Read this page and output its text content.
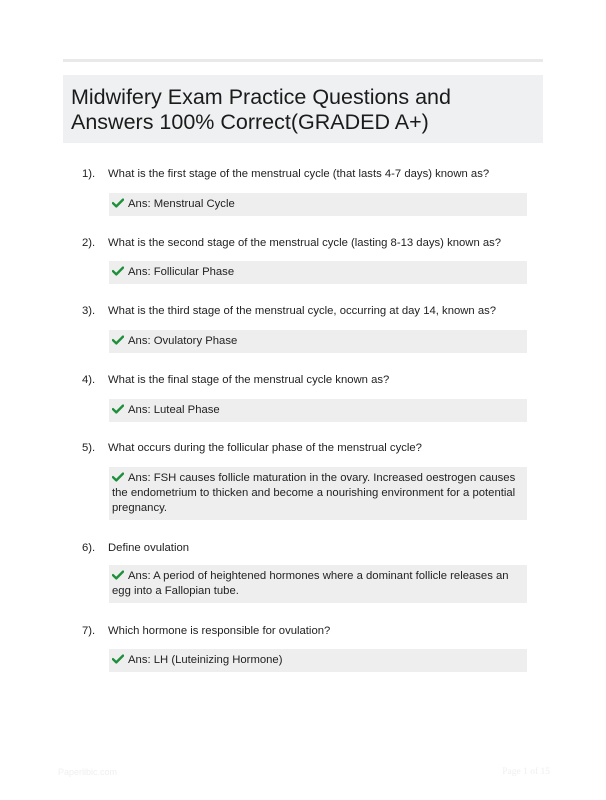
Midwifery Exam Practice Questions and Answers 100% Correct(GRADED A+)
1). What is the first stage of the menstrual cycle (that lasts 4-7 days) known as?
Ans: Menstrual Cycle
2). What is the second stage of the menstrual cycle (lasting 8-13 days) known as?
Ans: Follicular Phase
3). What is the third stage of the menstrual cycle, occurring at day 14, known as?
Ans: Ovulatory Phase
4). What is the final stage of the menstrual cycle known as?
Ans: Luteal Phase
5). What occurs during the follicular phase of the menstrual cycle?
Ans: FSH causes follicle maturation in the ovary. Increased oestrogen causes the endometrium to thicken and become a nourishing environment for a potential pregnancy.
6). Define ovulation
Ans: A period of heightened hormones where a dominant follicle releases an egg into a Fallopian tube.
7). Which hormone is responsible for ovulation?
Ans: LH (Luteinizing Hormone)
Paperlibic.com	Page 1 of 15
